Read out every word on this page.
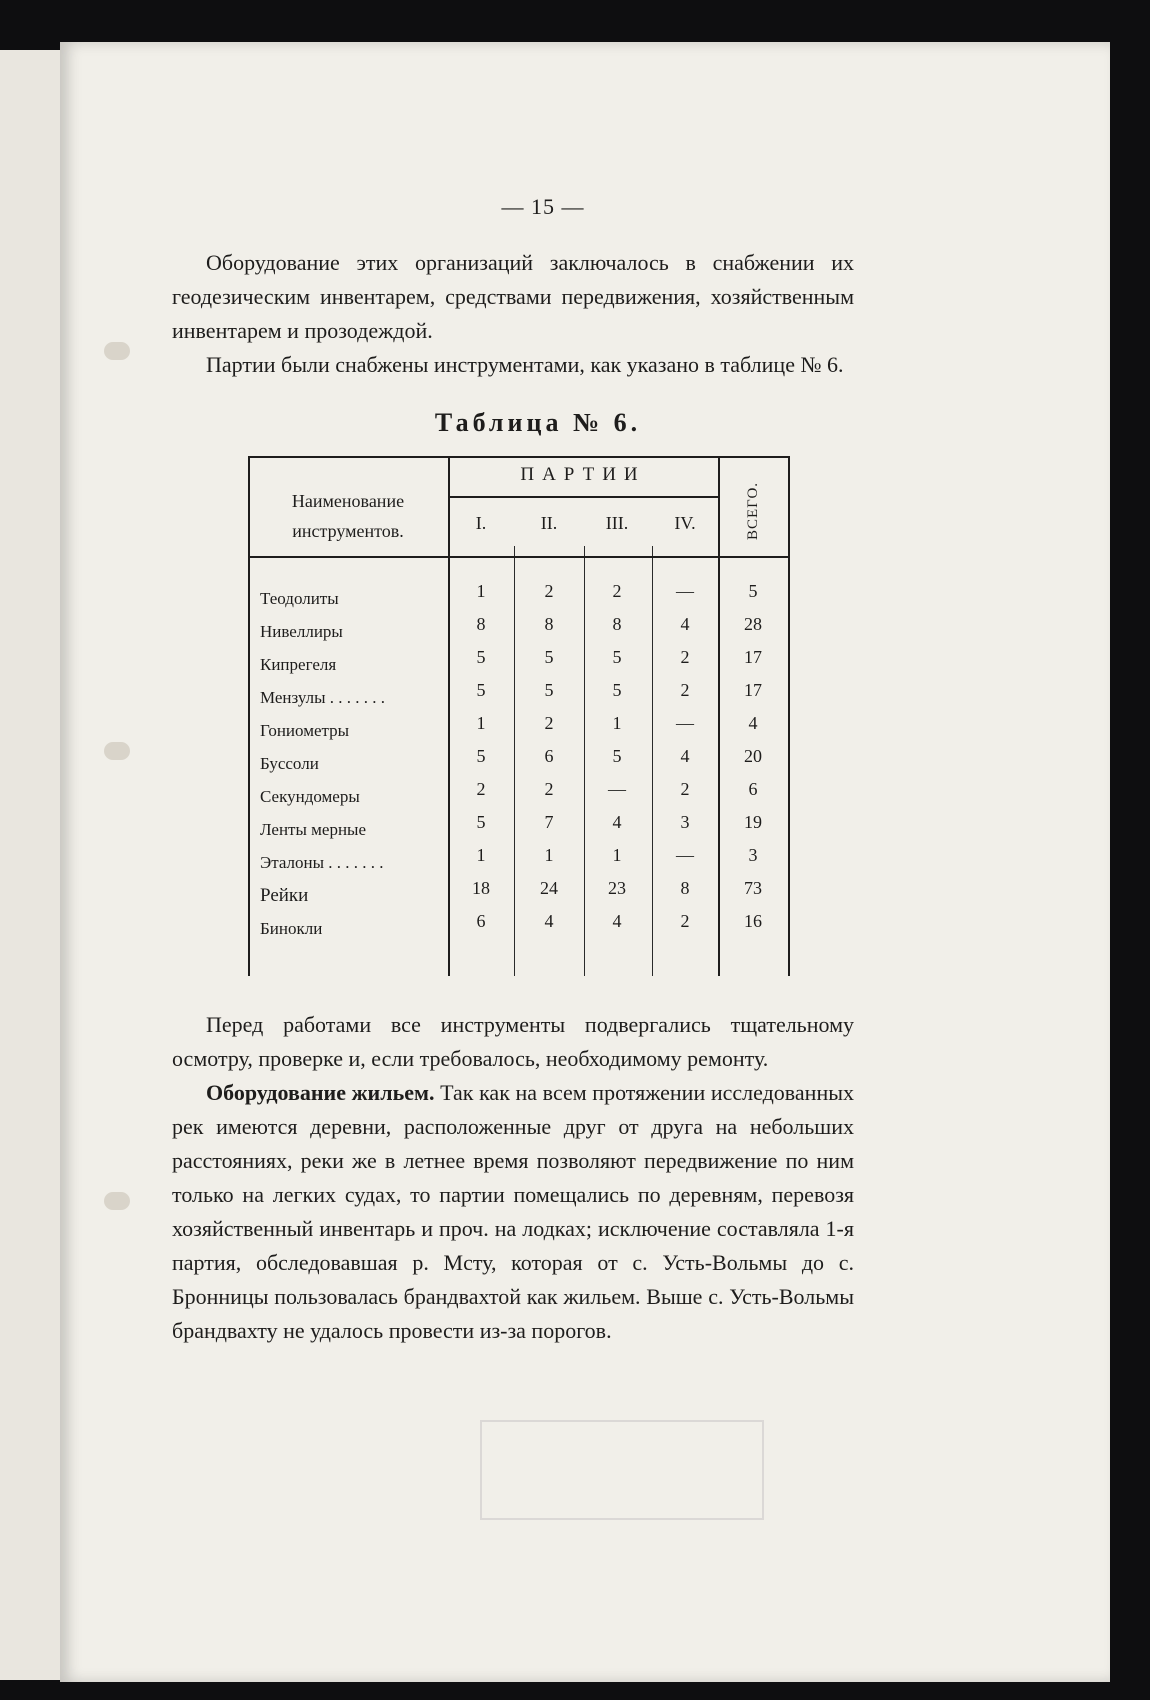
— 15 —

Оборудование этих организаций заключалось в снабжении их геодезическим инвентарем, средствами передвижения, хозяйственным инвентарем и прозодеждой.

Партии были снабжены инструментами, как указано в таблице № 6.

Таблица № 6.
Наименование инструментов.
ПАРТИИ
I.	II.	III.	IV.	ВСЕГО.
Теодолиты	1	2	2	—	5
Нивеллиры	8	8	8	4	28
Кипрегеля	5	5	5	2	17
Мензулы . . . . . . .	5	5	5	2	17
Гониометры	1	2	1	—	4
Буссоли	5	6	5	4	20
Секундомеры	2	2	—	2	6
Ленты мерные	5	7	4	3	19
Эталоны . . . . . . .	1	1	1	—	3
Рейки	18	24	23	8	73
Бинокли	6	4	4	2	16

Перед работами все инструменты подвергались тщательному осмотру, проверке и, если требовалось, необходимому ремонту.

Оборудование жильем. Так как на всем протяжении исследованных рек имеются деревни, расположенные друг от друга на небольших расстояниях, реки же в летнее время позволяют передвижение по ним только на легких судах, то партии помещались по деревням, перевозя хозяйственный инвентарь и проч. на лодках; исключение составлялa 1-я партия, обследовавшая р. Мсту, которая от с. Усть-Вольмы до с. Бронницы пользовалась брандвахтой как жильем. Выше с. Усть-Вольмы брандвахту не удалось провести из-за порогов.
